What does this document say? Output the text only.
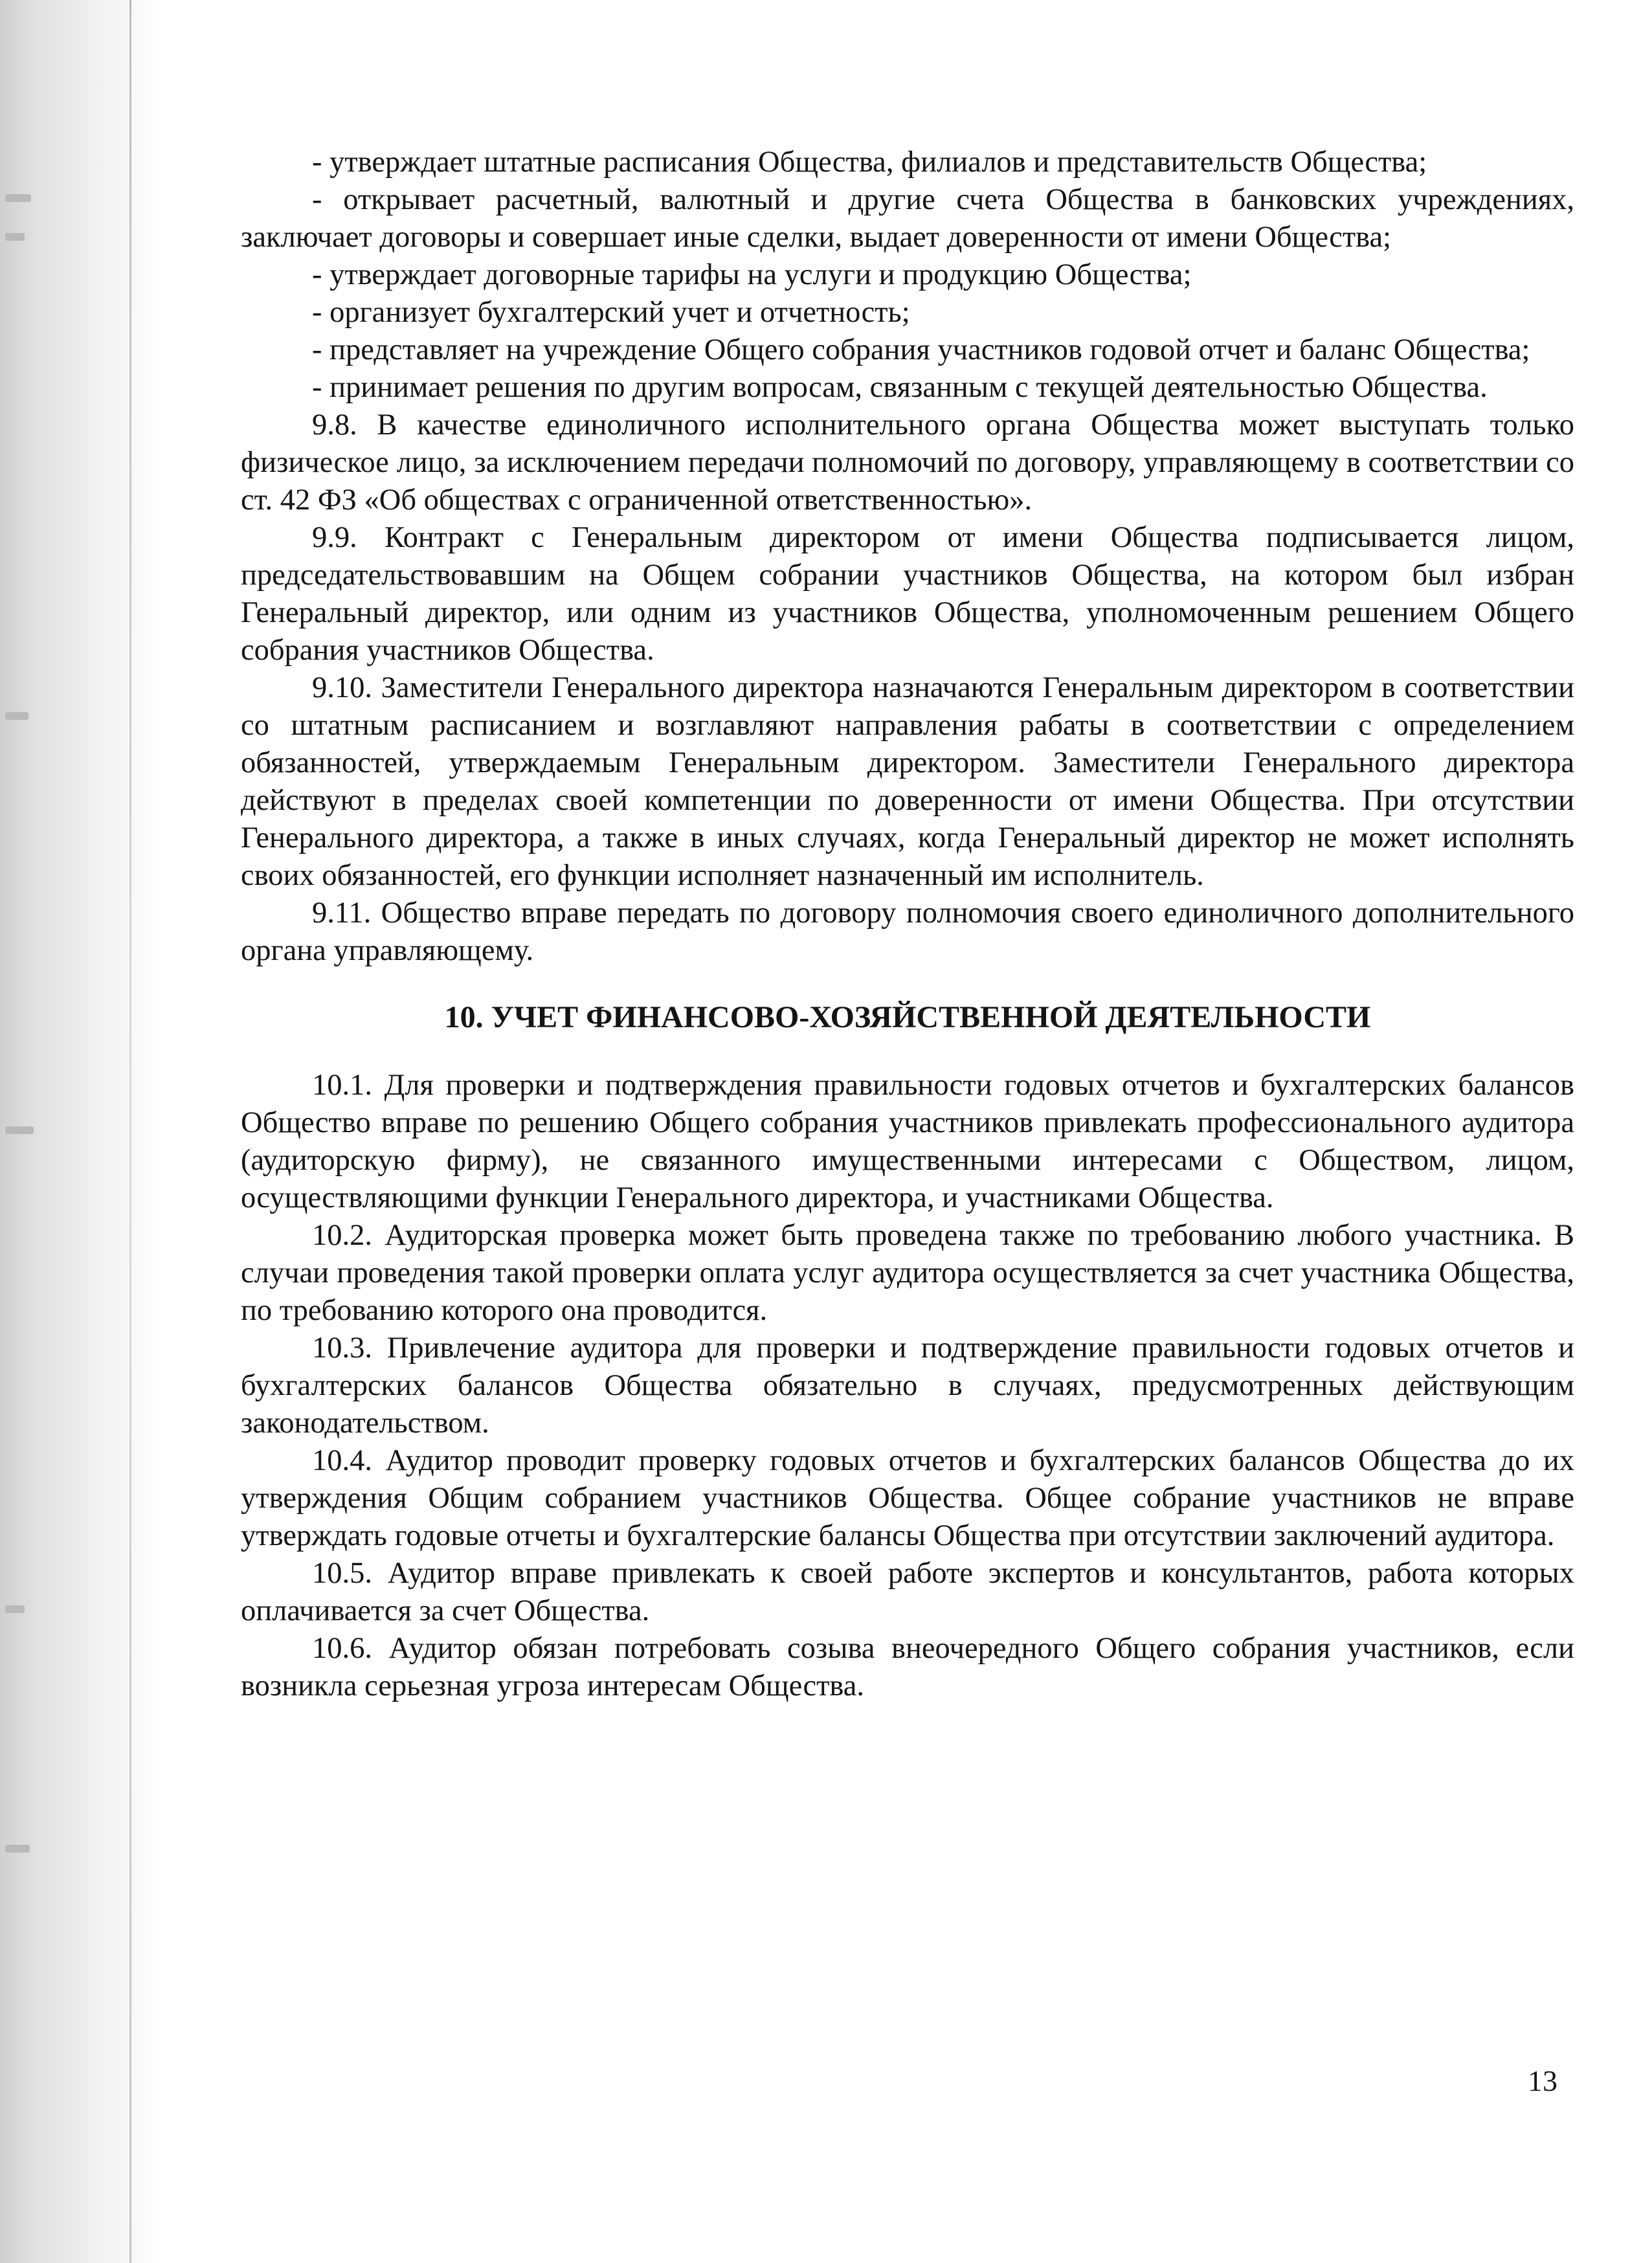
- утверждает штатные расписания Общества, филиалов и представительств Общества;

- открывает расчетный, валютный и другие счета Общества в банковских учреждениях, заключает договоры и совершает иные сделки, выдает доверенности от имени Общества;

- утверждает договорные тарифы на услуги и продукцию Общества;

- организует бухгалтерский учет и отчетность;

- представляет на учреждение Общего собрания участников годовой отчет и баланс Общества;

- принимает решения по другим вопросам, связанным с текущей деятельностью Общества.

9.8. В качестве единоличного исполнительного органа Общества может выступать только физическое лицо, за исключением передачи полномочий по договору, управляющему в соответствии со ст. 42 ФЗ «Об обществах с ограниченной ответственностью».

9.9. Контракт с Генеральным директором от имени Общества подписывается лицом, председательствовавшим на Общем собрании участников Общества, на котором был избран Генеральный директор, или одним из участников Общества, уполномоченным решением Общего собрания участников Общества.

9.10. Заместители Генерального директора назначаются Генеральным директором в соответствии со штатным расписанием и возглавляют направления рабаты в соответствии с определением обязанностей, утверждаемым Генеральным директором. Заместители Генерального директора действуют в пределах своей компетенции по доверенности от имени Общества. При отсутствии Генерального директора, а также в иных случаях, когда Генеральный директор не может исполнять своих обязанностей, его функции исполняет назначенный им исполнитель.

9.11. Общество вправе передать по договору полномочия своего единоличного дополнительного органа управляющему.

10. УЧЕТ ФИНАНСОВО-ХОЗЯЙСТВЕННОЙ ДЕЯТЕЛЬНОСТИ

10.1. Для проверки и подтверждения правильности годовых отчетов и бухгалтерских балансов Общество вправе по решению Общего собрания участников привлекать профессионального аудитора (аудиторскую фирму), не связанного имущественными интересами с Обществом, лицом, осуществляющими функции Генерального директора, и участниками Общества.

10.2. Аудиторская проверка может быть проведена также по требованию любого участника. В случаи проведения такой проверки оплата услуг аудитора осуществляется за счет участника Общества, по требованию которого она проводится.

10.3. Привлечение аудитора для проверки и подтверждение правильности годовых отчетов и бухгалтерских балансов Общества обязательно в случаях, предусмотренных действующим законодательством.

10.4. Аудитор проводит проверку годовых отчетов и бухгалтерских балансов Общества до их утверждения Общим собранием участников Общества. Общее собрание участников не вправе утверждать годовые отчеты и бухгалтерские балансы Общества при отсутствии заключений аудитора.

10.5. Аудитор вправе привлекать к своей работе экспертов и консультантов, работа которых оплачивается за счет Общества.

10.6. Аудитор обязан потребовать созыва внеочередного Общего собрания участников, если возникла серьезная угроза интересам Общества.

13
